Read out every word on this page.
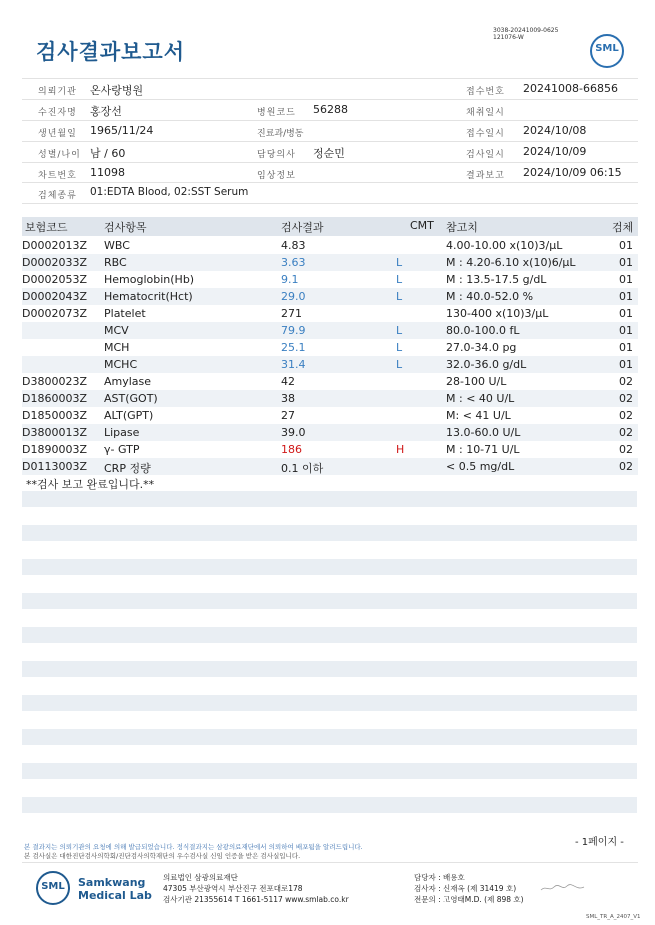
검사결과보고서
3038-20241009-0625
121076-W
SML
의뢰기관 온사랑병원	접수번호 20241008-66856
수진자명 홍장선	병원코드 56288	채취일시
생년월일 1965/11/24	진료과/병동	접수일시 2024/10/08
성별/나이 남 / 60	담당의사 정순민	검사일시 2024/10/09
차트번호 11098	임상정보	결과보고 2024/10/09 06:15
검체종류 01:EDTA Blood, 02:SST Serum
보험코드	검사항목	검사결과	CMT 참고치	검체
D0002013Z WBC	4.83	4.00-10.00 x(10)3/μL	01
D0002033Z RBC	3.63	L	M : 4.20-6.10 x(10)6/μL	01
D0002053Z Hemoglobin(Hb)	9.1	L	M : 13.5-17.5 g/dL	01
D0002043Z Hematocrit(Hct)	29.0	L	M : 40.0-52.0 %	01
D0002073Z Platelet	271	130-400 x(10)3/μL	01
MCV	79.9	L	80.0-100.0 fL	01
MCH	25.1	L	27.0-34.0 pg	01
MCHC	31.4	L	32.0-36.0 g/dL	01
D3800023Z Amylase	42	28-100 U/L	02
D1860003Z AST(GOT)	38	M : < 40 U/L	02
D1850003Z ALT(GPT)	27	M: < 41 U/L	02
D3800013Z Lipase	39.0	13.0-60.0 U/L	02
D1890003Z γ- GTP	186	H	M : 10-71 U/L	02
D0113003Z CRP 정량	0.1 이하	< 0.5 mg/dL	02
**검사 보고 완료입니다.**
- 1페이지 -
본 결과지는 의뢰기관의 요청에 의해 발급되었습니다. 정식결과지는 삼광의료재단에서 의뢰하여 배포됨을 알려드립니다.
본 검사실은 대한진단검사의학회/진단검사의학재단의 우수검사실 신임 인증을 받은 검사실입니다.
SML Samkwang
Medical Lab
의료법인 삼광의료재단
47305 부산광역시 부산진구 전포대로178
검사기관 21355614 T 1661-5117 www.smlab.co.kr
담당자 : 배용호
검사자 : 신재옥 (제 31419 호)
전문의 : 고영태M.D. (제 898 호)
SML_TR_A_2407_V1
